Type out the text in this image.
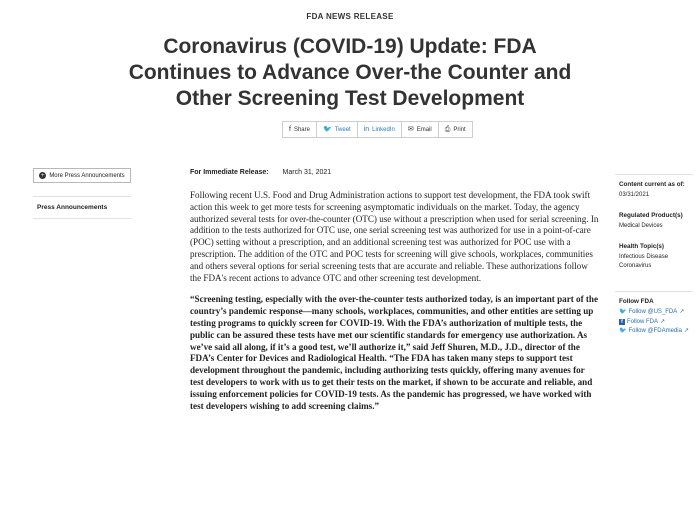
FDA NEWS RELEASE
Coronavirus (COVID-19) Update: FDA Continues to Advance Over-the Counter and Other Screening Test Development
f Share 🐦 Tweet in LinkedIn ✉ Email ⎙ Print
+ More Press Announcements
Press Announcements
For Immediate Release: March 31, 2021

Following recent U.S. Food and Drug Administration actions to support test development, the FDA took swift action this week to get more tests for screening asymptomatic individuals on the market. Today, the agency authorized several tests for over-the-counter (OTC) use without a prescription when used for serial screening. In addition to the tests authorized for OTC use, one serial screening test was authorized for use in a point-of-care (POC) setting without a prescription, and an additional screening test was authorized for POC use with a prescription. The addition of the OTC and POC tests for screening will give schools, workplaces, communities and others several options for serial screening tests that are accurate and reliable. These authorizations follow the FDA's recent actions to advance OTC and other screening test development.

“Screening testing, especially with the over-the-counter tests authorized today, is an important part of the country’s pandemic response—many schools, workplaces, communities, and other entities are setting up testing programs to quickly screen for COVID-19. With the FDA’s authorization of multiple tests, the public can be assured these tests have met our scientific standards for emergency use authorization. As we’ve said all along, if it’s a good test, we’ll authorize it,” said Jeff Shuren, M.D., J.D., director of the FDA’s Center for Devices and Radiological Health. “The FDA has taken many steps to support test development throughout the pandemic, including authorizing tests quickly, offering many avenues for test developers to work with us to get their tests on the market, if shown to be accurate and reliable, and issuing enforcement policies for COVID-19 tests. As the pandemic has progressed, we have worked with test developers wishing to add screening claims.”

Content current as of:
03/31/2021
Regulated Product(s)
Medical Devices
Health Topic(s)
Infectious Disease
Coronavirus
Follow FDA
🐦 Follow @US_FDA ↗
f Follow FDA ↗
🐦 Follow @FDAmedia ↗
